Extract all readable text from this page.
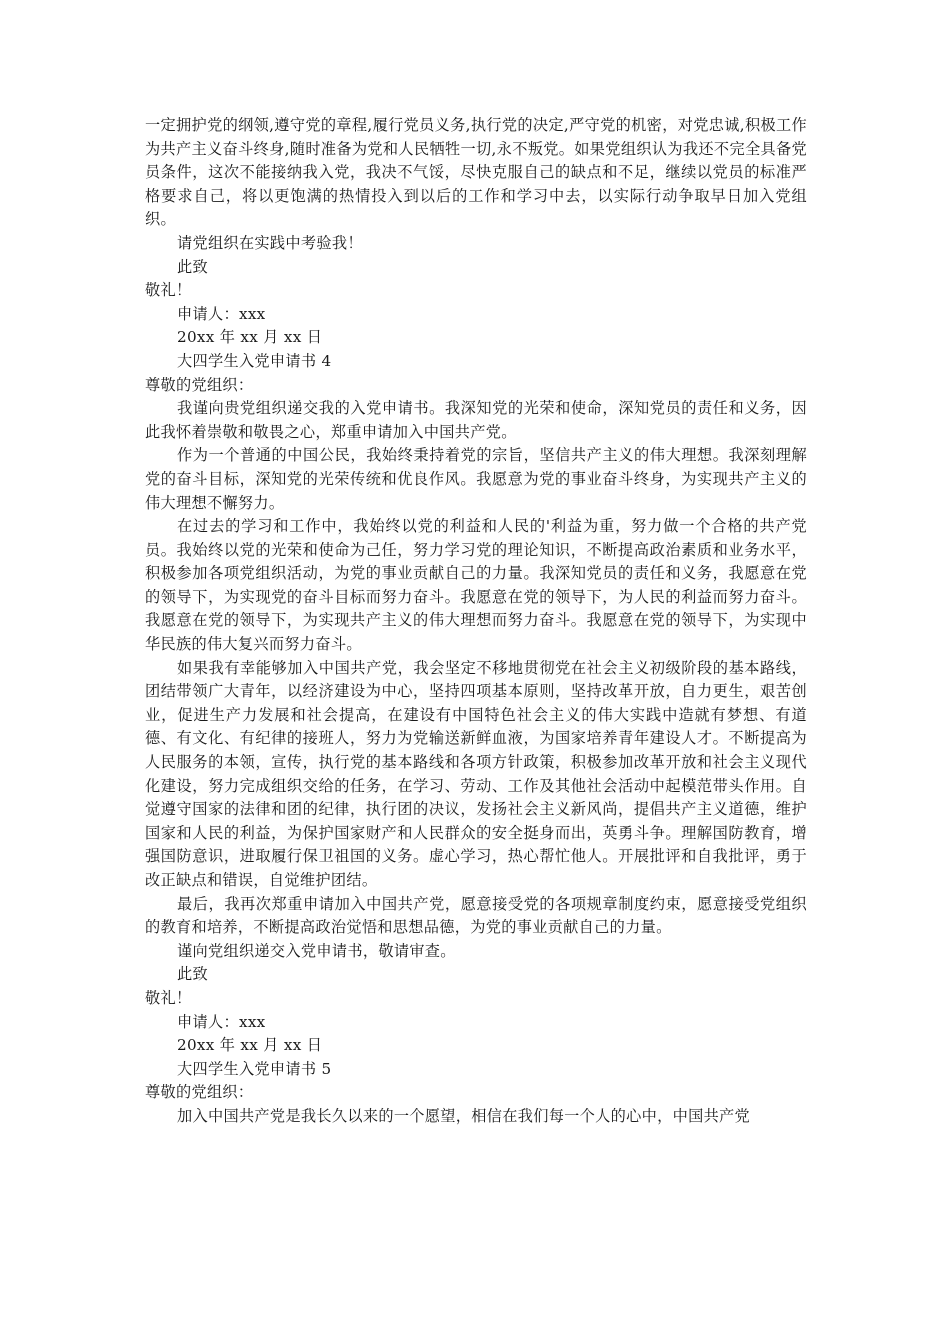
一定拥护党的纲领,遵守党的章程,履行党员义务,执行党的决定,严守党的机密，对党忠诚,积极工作为共产主义奋斗终身,随时准备为党和人民牺牲一切,永不叛党。如果党组织认为我还不完全具备党员条件，这次不能接纳我入党，我决不气馁，尽快克服自己的缺点和不足，继续以党员的标准严格要求自己，将以更饱满的热情投入到以后的工作和学习中去，以实际行动争取早日加入党组织。

请党组织在实践中考验我！

此致

敬礼！

申请人：xxx

20xx 年 xx 月 xx 日

大四学生入党申请书 4

尊敬的党组织：

我谨向贵党组织递交我的入党申请书。我深知党的光荣和使命，深知党员的责任和义务，因此我怀着崇敬和敬畏之心，郑重申请加入中国共产党。

作为一个普通的中国公民，我始终秉持着党的宗旨，坚信共产主义的伟大理想。我深刻理解党的奋斗目标，深知党的光荣传统和优良作风。我愿意为党的事业奋斗终身，为实现共产主义的伟大理想不懈努力。

在过去的学习和工作中，我始终以党的利益和人民的'利益为重，努力做一个合格的共产党员。我始终以党的光荣和使命为己任，努力学习党的理论知识，不断提高政治素质和业务水平，积极参加各项党组织活动，为党的事业贡献自己的力量。我深知党员的责任和义务，我愿意在党的领导下，为实现党的奋斗目标而努力奋斗。我愿意在党的领导下，为人民的利益而努力奋斗。我愿意在党的领导下，为实现共产主义的伟大理想而努力奋斗。我愿意在党的领导下，为实现中华民族的伟大复兴而努力奋斗。

如果我有幸能够加入中国共产党，我会坚定不移地贯彻党在社会主义初级阶段的基本路线，团结带领广大青年，以经济建设为中心，坚持四项基本原则，坚持改革开放，自力更生，艰苦创业，促进生产力发展和社会提高，在建设有中国特色社会主义的伟大实践中造就有梦想、有道德、有文化、有纪律的接班人，努力为党输送新鲜血液，为国家培养青年建设人才。不断提高为人民服务的本领，宣传，执行党的基本路线和各项方针政策，积极参加改革开放和社会主义现代化建设，努力完成组织交给的任务，在学习、劳动、工作及其他社会活动中起模范带头作用。自觉遵守国家的法律和团的纪律，执行团的决议，发扬社会主义新风尚，提倡共产主义道德，维护国家和人民的利益，为保护国家财产和人民群众的安全挺身而出，英勇斗争。理解国防教育，增强国防意识，进取履行保卫祖国的义务。虚心学习，热心帮忙他人。开展批评和自我批评，勇于改正缺点和错误，自觉维护团结。

最后，我再次郑重申请加入中国共产党，愿意接受党的各项规章制度约束，愿意接受党组织的教育和培养，不断提高政治觉悟和思想品德，为党的事业贡献自己的力量。

谨向党组织递交入党申请书，敬请审查。

此致

敬礼！

申请人：xxx

20xx 年 xx 月 xx 日

大四学生入党申请书 5

尊敬的党组织：

加入中国共产党是我长久以来的一个愿望，相信在我们每一个人的心中，中国共产党
